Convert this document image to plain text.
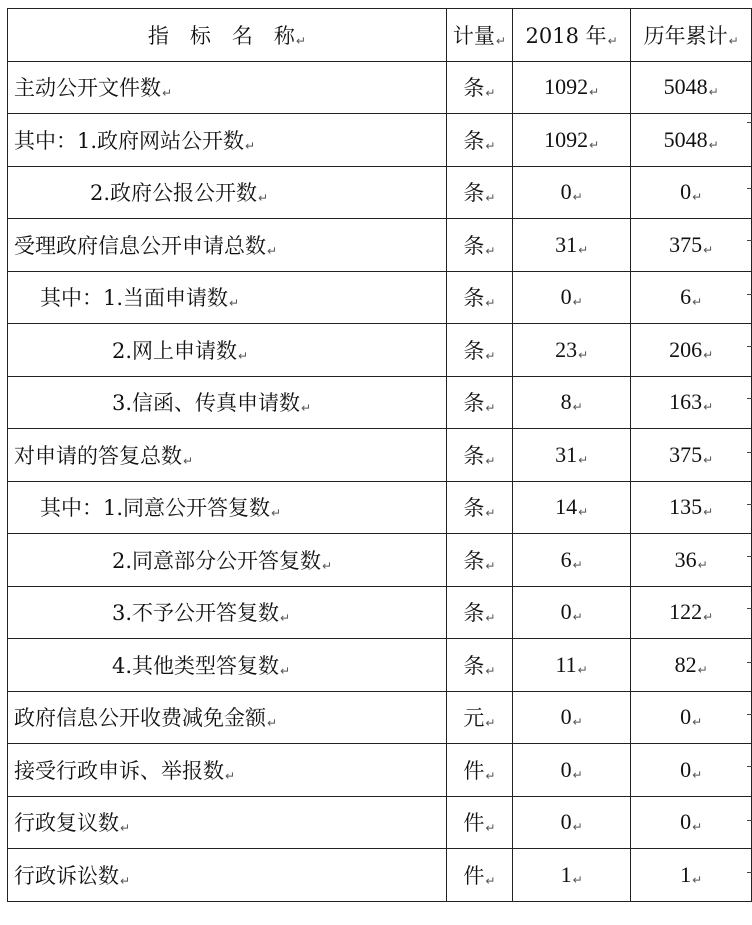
指　标　名　称↵	计量↵	2018 年↵	历年累计↵
主动公开文件数↵	条↵	1092↵	5048↵
其中：1.政府网站公开数↵	条↵	1092↵	5048↵
2.政府公报公开数↵	条↵	0↵	0↵
受理政府信息公开申请总数↵	条↵	31↵	375↵
其中：1.当面申请数↵	条↵	0↵	6↵
2.网上申请数↵	条↵	23↵	206↵
3.信函、传真申请数↵	条↵	8↵	163↵
对申请的答复总数↵	条↵	31↵	375↵
其中：1.同意公开答复数↵	条↵	14↵	135↵
2.同意部分公开答复数↵	条↵	6↵	36↵
3.不予公开答复数↵	条↵	0↵	122↵
4.其他类型答复数↵	条↵	11↵	82↵
政府信息公开收费减免金额↵	元↵	0↵	0↵
接受行政申诉、举报数↵	件↵	0↵	0↵
行政复议数↵	件↵	0↵	0↵
行政诉讼数↵	件↵	1↵	1↵
